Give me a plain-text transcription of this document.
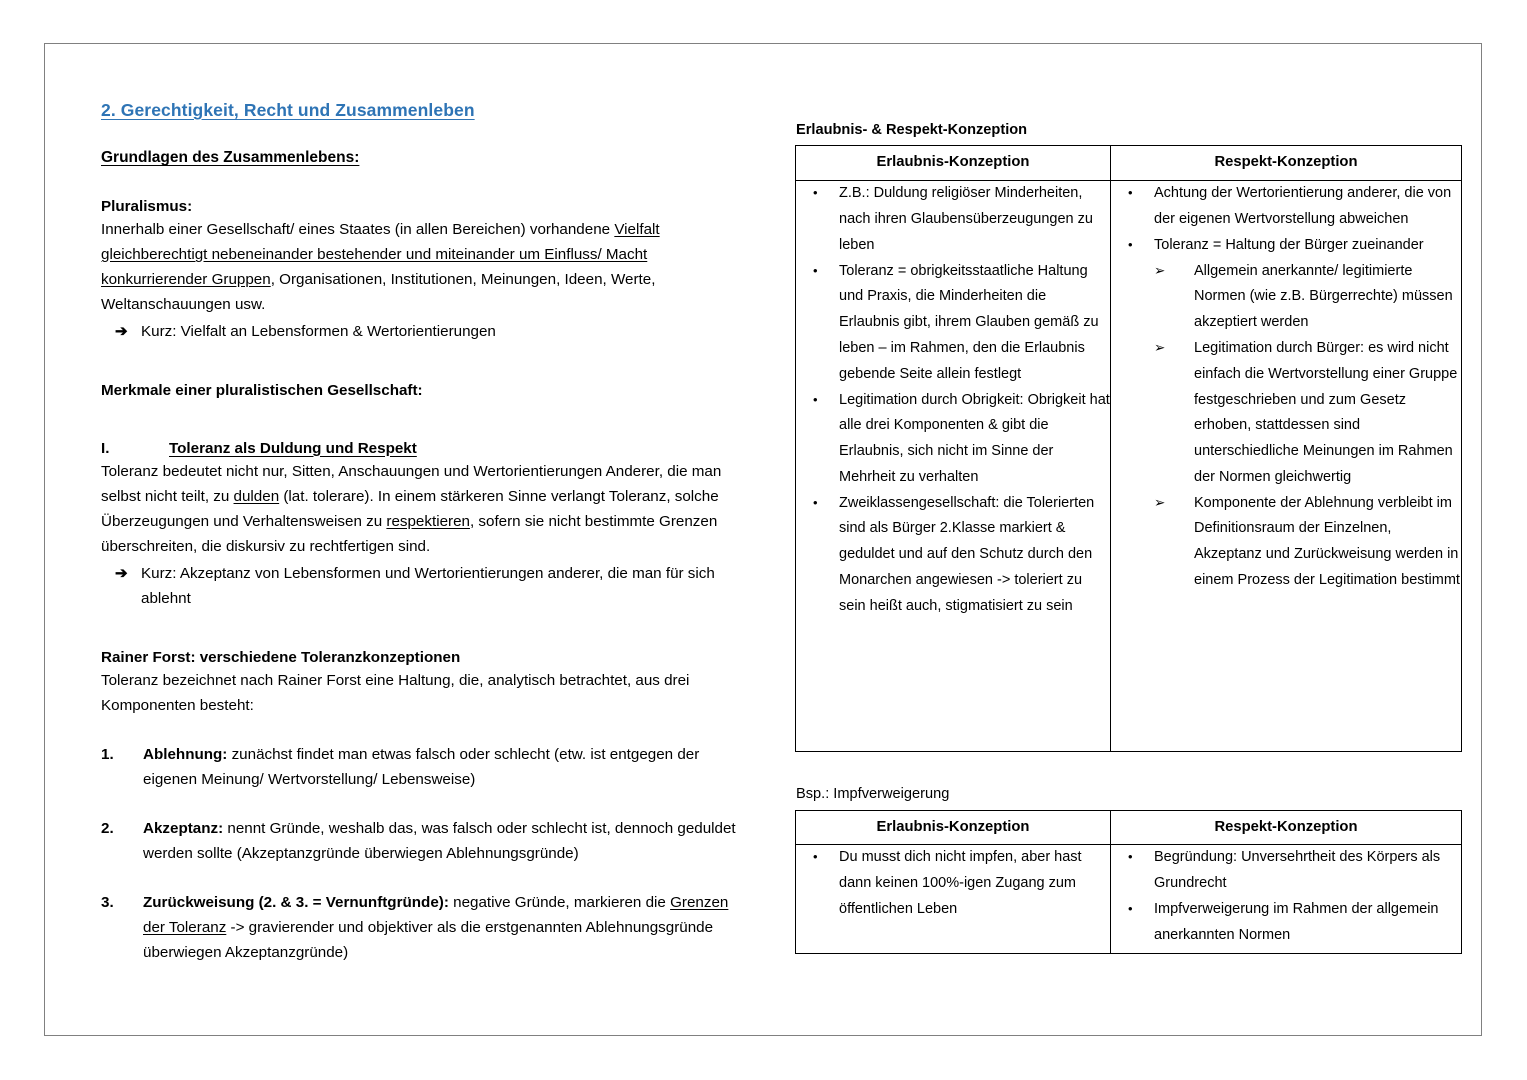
2. Gerechtigkeit, Recht und Zusammenleben
Grundlagen des Zusammenlebens:
Pluralismus:
Innerhalb einer Gesellschaft/ eines Staates (in allen Bereichen) vorhandene Vielfalt gleichberechtigt nebeneinander bestehender und miteinander um Einfluss/ Macht konkurrierender Gruppen, Organisationen, Institutionen, Meinungen, Ideen, Werte, Weltanschauungen usw.
➔ Kurz: Vielfalt an Lebensformen & Wertorientierungen
Merkmale einer pluralistischen Gesellschaft:
I.	Toleranz als Duldung und Respekt
Toleranz bedeutet nicht nur, Sitten, Anschauungen und Wertorientierungen Anderer, die man selbst nicht teilt, zu dulden (lat. tolerare). In einem stärkeren Sinne verlangt Toleranz, solche Überzeugungen und Verhaltensweisen zu respektieren, sofern sie nicht bestimmte Grenzen überschreiten, die diskursiv zu rechtfertigen sind.
➔ Kurz: Akzeptanz von Lebensformen und Wertorientierungen anderer, die man für sich ablehnt
Rainer Forst: verschiedene Toleranzkonzeptionen
Toleranz bezeichnet nach Rainer Forst eine Haltung, die, analytisch betrachtet, aus drei Komponenten besteht:
1.	Ablehnung: zunächst findet man etwas falsch oder schlecht (etw. ist entgegen der eigenen Meinung/ Wertvorstellung/ Lebensweise)
2.	Akzeptanz: nennt Gründe, weshalb das, was falsch oder schlecht ist, dennoch geduldet werden sollte (Akzeptanzgründe überwiegen Ablehnungsgründe)
3.	Zurückweisung (2. & 3. = Vernunftgründe): negative Gründe, markieren die Grenzen der Toleranz -> gravierender und objektiver als die erstgenannten Ablehnungsgründe überwiegen Akzeptanzgründe)
Erlaubnis- & Respekt-Konzeption
Erlaubnis-Konzeption	Respekt-Konzeption

• Z.B.: Duldung religiöser Minderheiten, nach ihren Glaubensüberzeugungen zu leben
• Toleranz = obrigkeitsstaatliche Haltung und Praxis, die Minderheiten die Erlaubnis gibt, ihrem Glauben gemäß zu leben – im Rahmen, den die Erlaubnis gebende Seite allein festlegt
• Legitimation durch Obrigkeit: Obrigkeit hat alle drei Komponenten & gibt die Erlaubnis, sich nicht im Sinne der Mehrheit zu verhalten
• Zweiklassengesellschaft: die Tolerierten sind als Bürger 2.Klasse markiert & geduldet und auf den Schutz durch den Monarchen angewiesen -> toleriert zu sein heißt auch, stigmatisiert zu sein

• Achtung der Wertorientierung anderer, die von der eigenen Wertvorstellung abweichen
• Toleranz = Haltung der Bürger zueinander
➢ Allgemein anerkannte/ legitimierte Normen (wie z.B. Bürgerrechte) müssen akzeptiert werden
➢ Legitimation durch Bürger: es wird nicht einfach die Wertvorstellung einer Gruppe festgeschrieben und zum Gesetz erhoben, stattdessen sind unterschiedliche Meinungen im Rahmen der Normen gleichwertig
➢ Komponente der Ablehnung verbleibt im Definitionsraum der Einzelnen, Akzeptanz und Zurückweisung werden in einem Prozess der Legitimation bestimmt
Bsp.: Impfverweigerung
Erlaubnis-Konzeption	Respekt-Konzeption

• Du musst dich nicht impfen, aber hast dann keinen 100%-igen Zugang zum öffentlichen Leben

• Begründung: Unversehrtheit des Körpers als Grundrecht
• Impfverweigerung im Rahmen der allgemein anerkannten Normen
